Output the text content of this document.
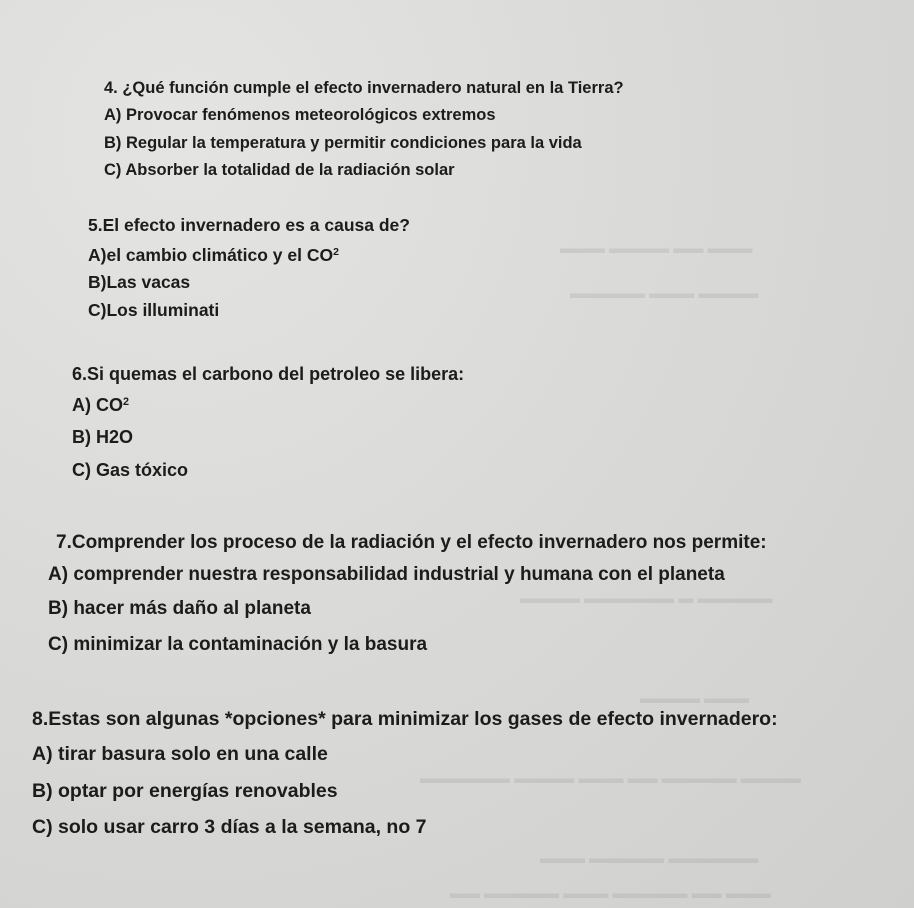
▬▬▬ ▬▬ ▬▬▬▬ ▬▬▬
▬▬▬▬ ▬▬▬ ▬▬▬▬▬
▬▬▬▬▬ ▬ ▬▬▬▬▬▬ ▬▬▬▬
▬▬▬ ▬▬▬▬
▬▬▬▬ ▬▬▬▬▬ ▬▬ ▬▬▬ ▬▬▬▬ ▬▬▬▬▬▬
▬▬▬▬▬▬ ▬▬▬▬▬ ▬▬▬
▬▬▬ ▬▬ ▬▬▬▬▬ ▬▬▬ ▬▬▬▬▬ ▬▬
4. ¿Qué función cumple el efecto invernadero natural en la Tierra?
A) Provocar fenómenos meteorológicos extremos
B) Regular la temperatura y permitir condiciones para la vida
C) Absorber la totalidad de la radiación solar
5.El efecto invernadero es a causa de?
A)el cambio climático y el $CO^2$
B)Las vacas
C)Los illuminati
6.Si quemas el carbono del petroleo se libera:
A) $CO^2$
B) H2O
C) Gas tóxico
7.Comprender los proceso de la radiación y el efecto invernadero nos permite:
A) comprender nuestra responsabilidad industrial y humana con el planeta
B) hacer más daño al planeta
C) minimizar la contaminación y la basura
8.Estas son algunas *opciones* para minimizar los gases de efecto invernadero:
A) tirar basura solo en una calle
B) optar por energías renovables
C) solo usar carro 3 días a la semana, no 7
